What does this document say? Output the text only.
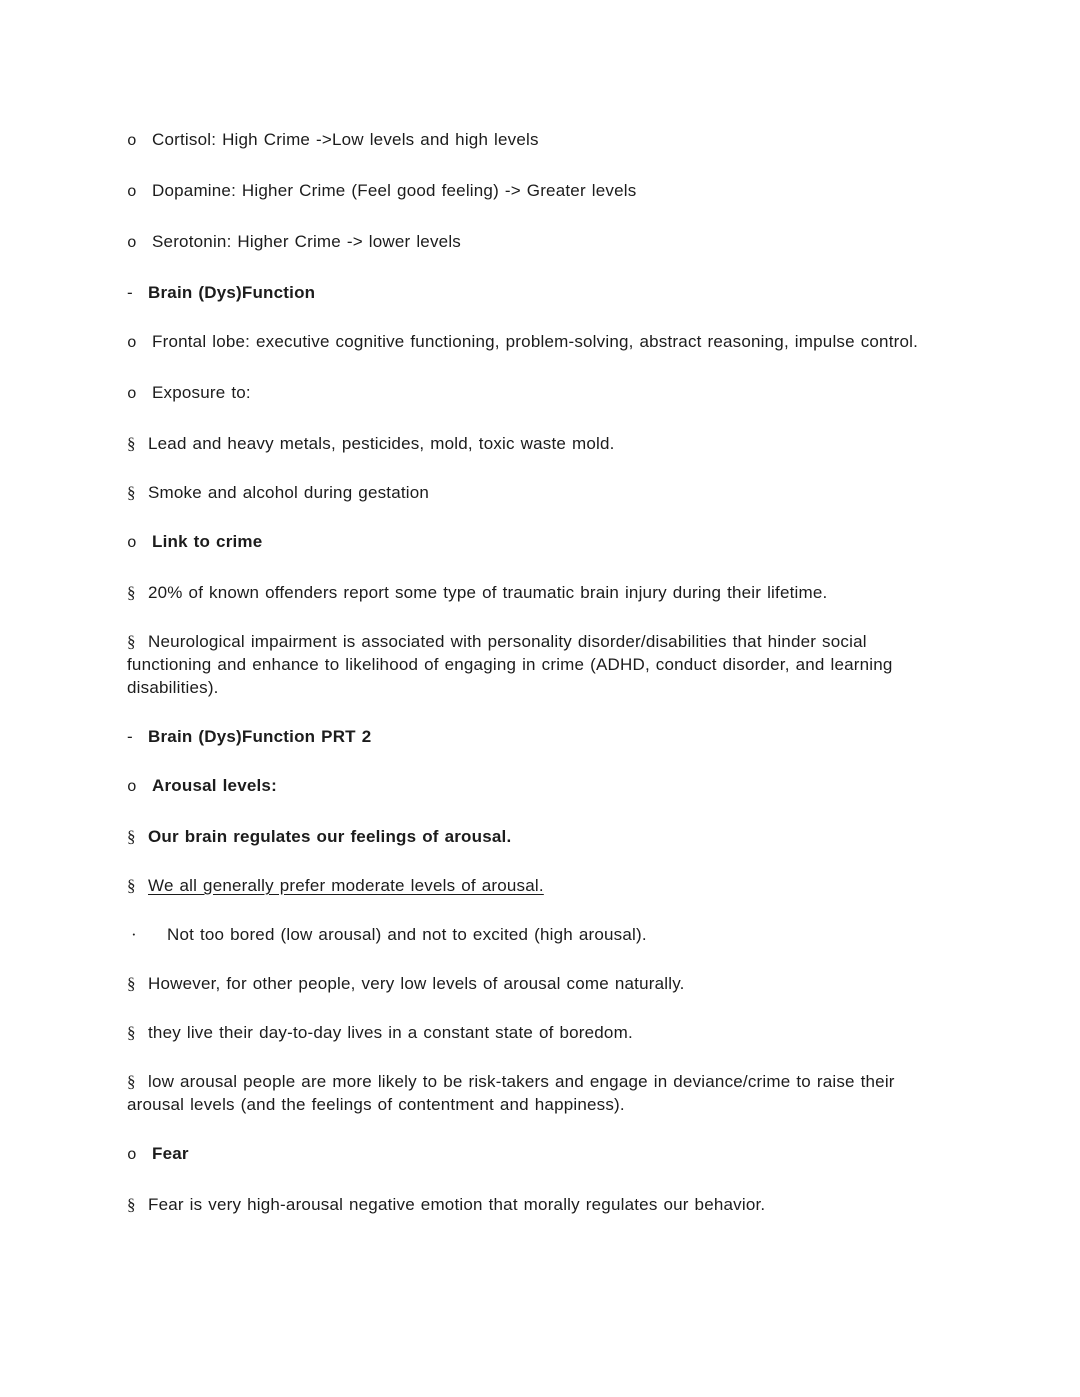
o Cortisol: High Crime ->Low levels and high levels

o Dopamine: Higher Crime (Feel good feeling) -> Greater levels

o Serotonin: Higher Crime -> lower levels

- Brain (Dys)Function

o Frontal lobe: executive cognitive functioning, problem-solving, abstract reasoning, impulse control.

o Exposure to:

§ Lead and heavy metals, pesticides, mold, toxic waste mold.

§ Smoke and alcohol during gestation

o Link to crime

§ 20% of known offenders report some type of traumatic brain injury during their lifetime.

§ Neurological impairment is associated with personality disorder/disabilities that hinder social functioning and enhance to likelihood of engaging in crime (ADHD, conduct disorder, and learning disabilities).

- Brain (Dys)Function PRT 2

o Arousal levels:

§ Our brain regulates our feelings of arousal.

§ We all generally prefer moderate levels of arousal.

· Not too bored (low arousal) and not to excited (high arousal).

§ However, for other people, very low levels of arousal come naturally.

§ they live their day-to-day lives in a constant state of boredom.

§ low arousal people are more likely to be risk-takers and engage in deviance/crime to raise their arousal levels (and the feelings of contentment and happiness).

o Fear

§ Fear is very high-arousal negative emotion that morally regulates our behavior.
